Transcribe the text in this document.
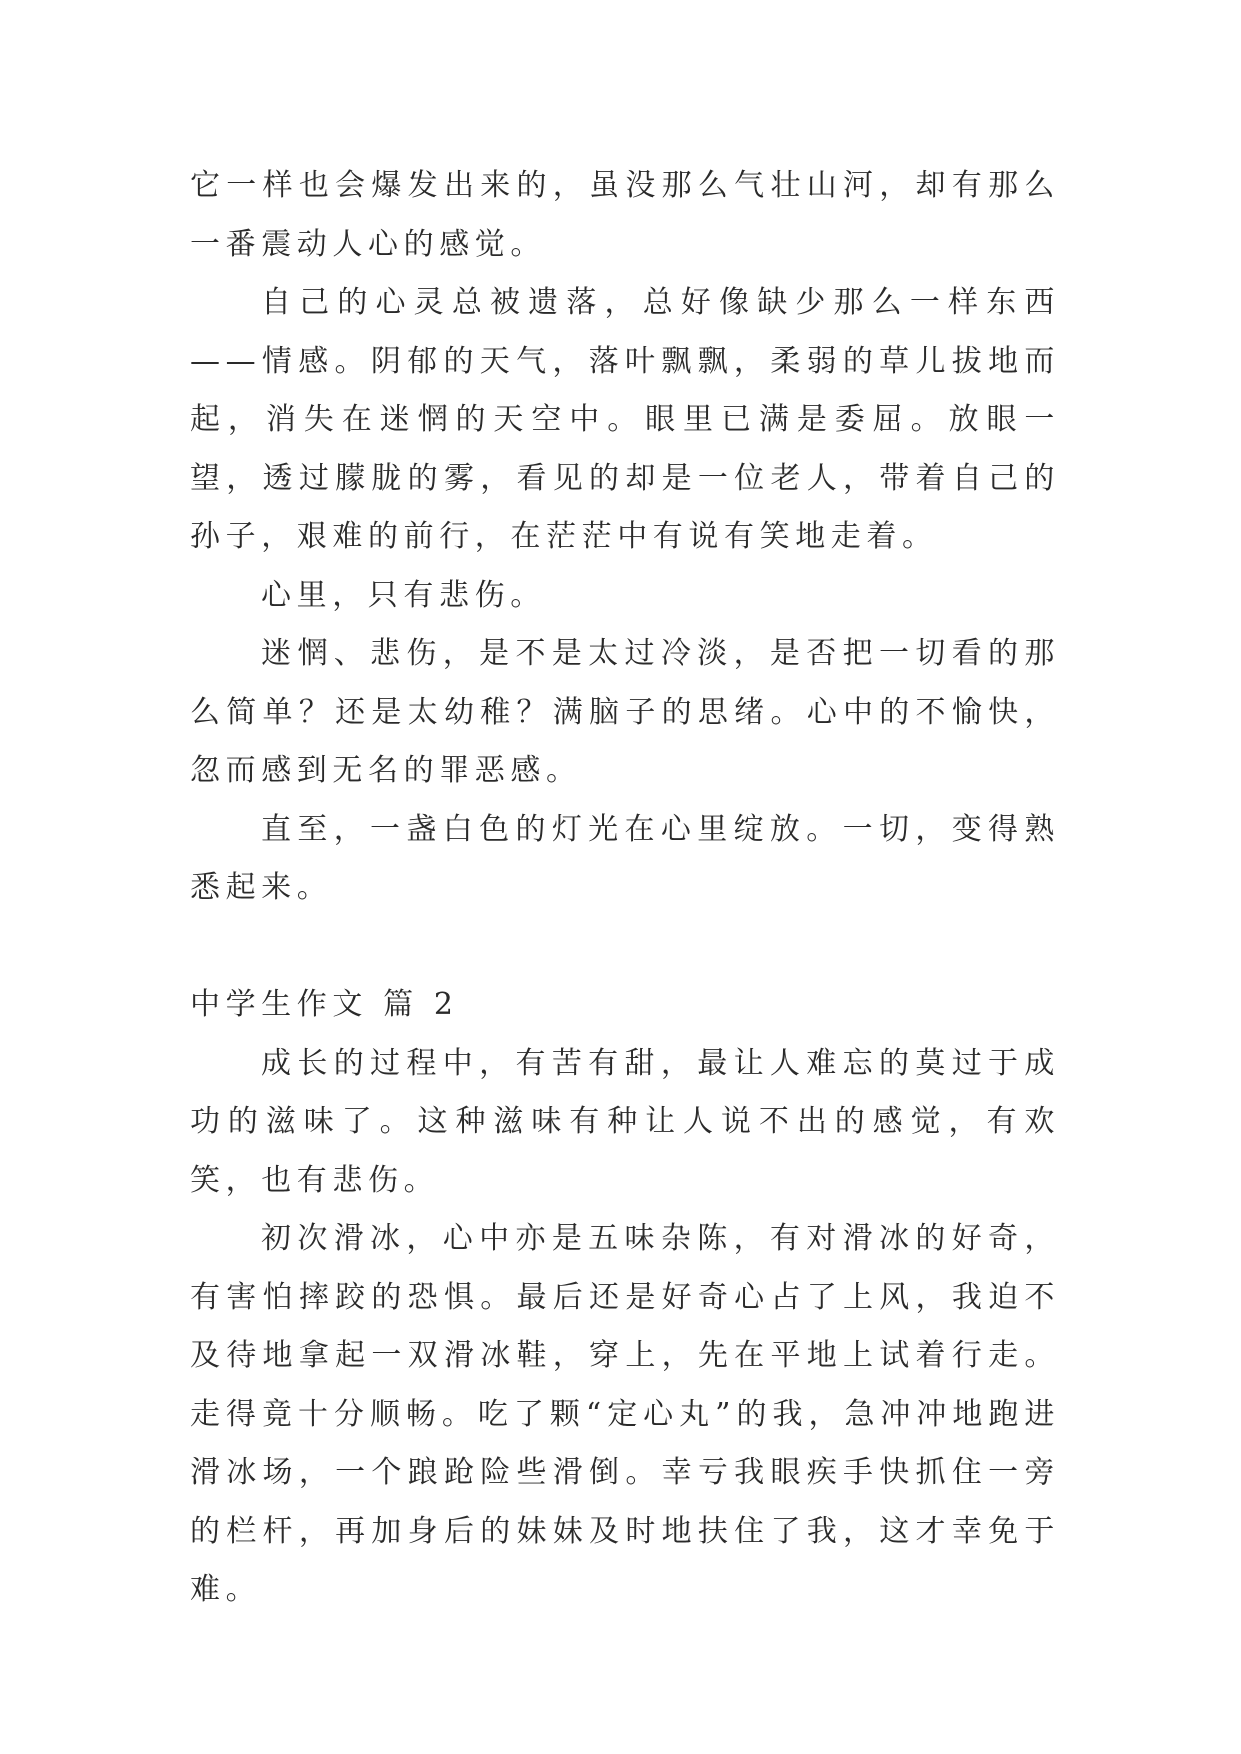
它一样也会爆发出来的，虽没那么气壮山河，却有那么一番震动人心的感觉。

自己的心灵总被遗落，总好像缺少那么一样东西——情感。阴郁的天气，落叶飘飘，柔弱的草儿拔地而起，消失在迷惘的天空中。眼里已满是委屈。放眼一望，透过朦胧的雾，看见的却是一位老人，带着自己的孙子，艰难的前行，在茫茫中有说有笑地走着。

心里，只有悲伤。

迷惘、悲伤，是不是太过冷淡，是否把一切看的那么简单？还是太幼稚？满脑子的思绪。心中的不愉快，忽而感到无名的罪恶感。

直至，一盏白色的灯光在心里绽放。一切，变得熟悉起来。

中学生作文 篇 2

成长的过程中，有苦有甜，最让人难忘的莫过于成功的滋味了。这种滋味有种让人说不出的感觉，有欢笑，也有悲伤。

初次滑冰，心中亦是五味杂陈，有对滑冰的好奇，有害怕摔跤的恐惧。最后还是好奇心占了上风，我迫不及待地拿起一双滑冰鞋，穿上，先在平地上试着行走。走得竟十分顺畅。吃了颗“定心丸”的我，急冲冲地跑进滑冰场，一个踉跄险些滑倒。幸亏我眼疾手快抓住一旁的栏杆，再加身后的妹妹及时地扶住了我，这才幸免于难。
